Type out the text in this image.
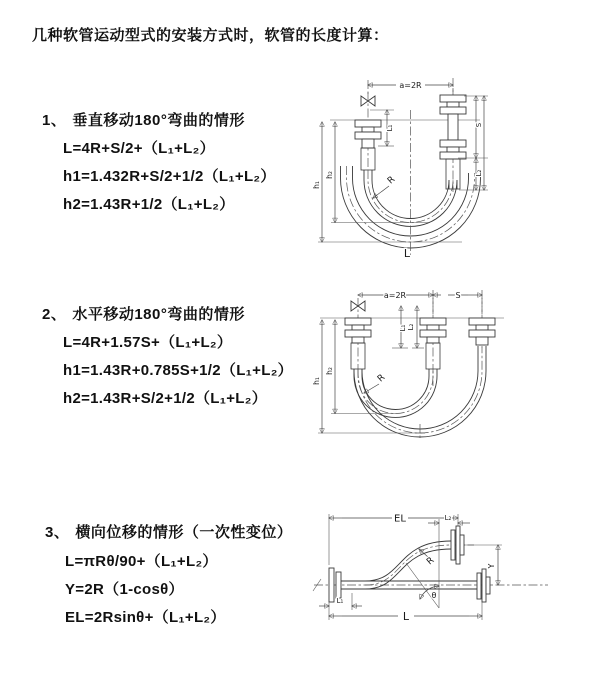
几种软管运动型式的安装方式时，软管的长度计算：
1、 垂直移动180°弯曲的情形
L=4R+S/2+（L₁+L₂）
h1=1.432R+S/2+1/2（L₁+L₂）
h2=1.43R+1/2（L₁+L₂）
2、 水平移动180°弯曲的情形
L=4R+1.57S+（L₁+L₂）
h1=1.43R+0.785S+1/2（L₁+L₂）
h2=1.43R+S/2+1/2（L₁+L₂）
3、 横向位移的情形（一次性变位）
L=πRθ/90+（L₁+L₂）
Y=2R（1-cosθ）
EL=2Rsinθ+（L₁+L₂）
a=2R
h₁
h₂
L₁	S
L₂
R
L
a=2R	S
h₁
h₂
L₁ L₂
R
EL	L₂
Y
L
L₁
θ
R
